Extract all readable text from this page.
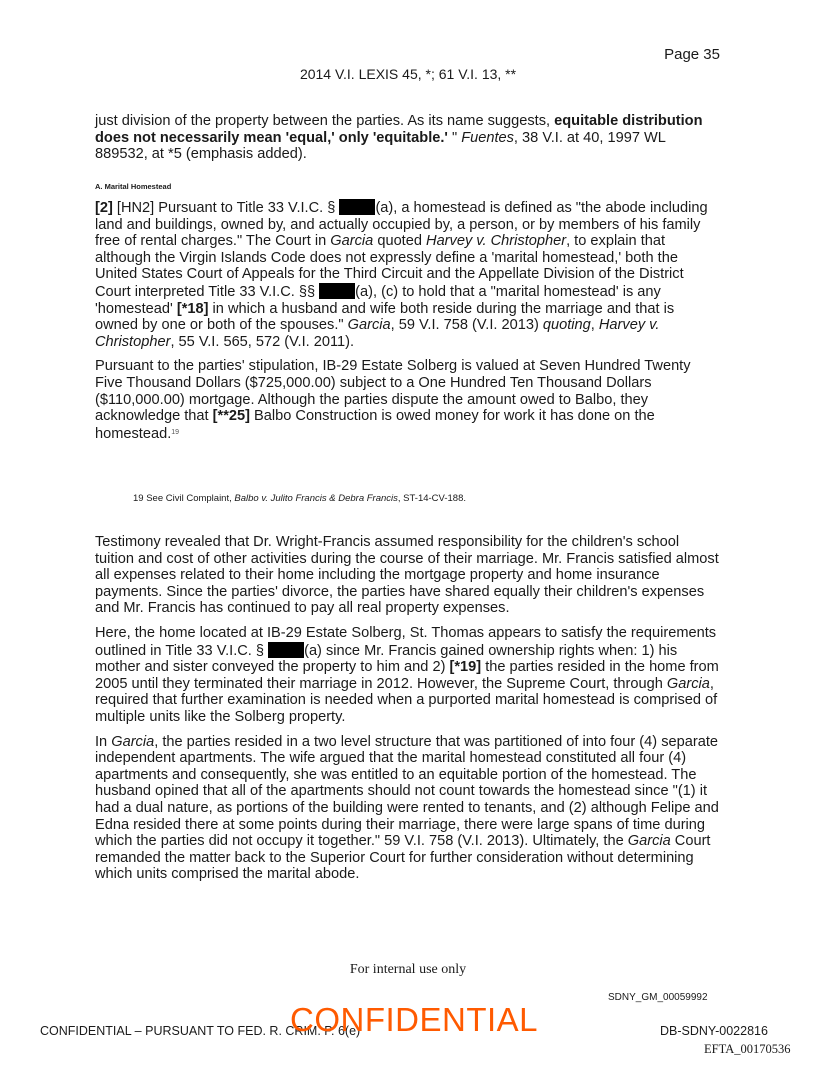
Page 35
2014 V.I. LEXIS 45, *; 61 V.I. 13, **

just division of the property between the parties. As its name suggests, equitable distribution does not necessarily mean 'equal,' only 'equitable.' " Fuentes, 38 V.I. at 40, 1997 WL 889532, at *5 (emphasis added).

A. Marital Homestead

[2] [HN2] Pursuant to Title 33 V.I.C. § (a), a homestead is defined as "the abode including land and buildings, owned by, and actually occupied by, a person, or by members of his family free of rental charges." The Court in Garcia quoted Harvey v. Christopher, to explain that although the Virgin Islands Code does not expressly define a 'marital homestead,' both the United States Court of Appeals for the Third Circuit and the Appellate Division of the District Court interpreted Title 33 V.I.C. §§ (a), (c) to hold that a "marital homestead' is any 'homestead' [*18] in which a husband and wife both reside during the marriage and that is owned by one or both of the spouses." Garcia, 59 V.I. 758 (V.I. 2013) quoting, Harvey v. Christopher, 55 V.I. 565, 572 (V.I. 2011).

Pursuant to the parties' stipulation, IB-29 Estate Solberg is valued at Seven Hundred Twenty Five Thousand Dollars ($725,000.00) subject to a One Hundred Ten Thousand Dollars ($110,000.00) mortgage. Although the parties dispute the amount owed to Balbo, they acknowledge that [**25] Balbo Construction is owed money for work it has done on the homestead.$^{19}$

19 See Civil Complaint, Balbo v. Julito Francis & Debra Francis, ST-14-CV-188.

Testimony revealed that Dr. Wright-Francis assumed responsibility for the children's school tuition and cost of other activities during the course of their marriage. Mr. Francis satisfied almost all expenses related to their home including the mortgage property and home insurance payments. Since the parties' divorce, the parties have shared equally their children's expenses and Mr. Francis has continued to pay all real property expenses.

Here, the home located at IB-29 Estate Solberg, St. Thomas appears to satisfy the requirements outlined in Title 33 V.I.C. § (a) since Mr. Francis gained ownership rights when: 1) his mother and sister conveyed the property to him and 2) [*19] the parties resided in the home from 2005 until they terminated their marriage in 2012. However, the Supreme Court, through Garcia, required that further examination is needed when a purported marital homestead is comprised of multiple units like the Solberg property.

In Garcia, the parties resided in a two level structure that was partitioned of into four (4) separate independent apartments. The wife argued that the marital homestead constituted all four (4) apartments and consequently, she was entitled to an equitable portion of the homestead. The husband opined that all of the apartments should not count towards the homestead since "(1) it had a dual nature, as portions of the building were rented to tenants, and (2) although Felipe and Edna resided there at some points during their marriage, there were large spans of time during which the parties did not occupy it together." 59 V.I. 758 (V.I. 2013). Ultimately, the Garcia Court remanded the matter back to the Superior Court for further consideration without determining which units comprised the marital abode.

For internal use only
SDNY_GM_00059992
CONFIDENTIAL – PURSUANT TO FED. R. CRIM. P. 6(e)
CONFIDENTIAL	DB-SDNY-0022816
EFTA_00170536
